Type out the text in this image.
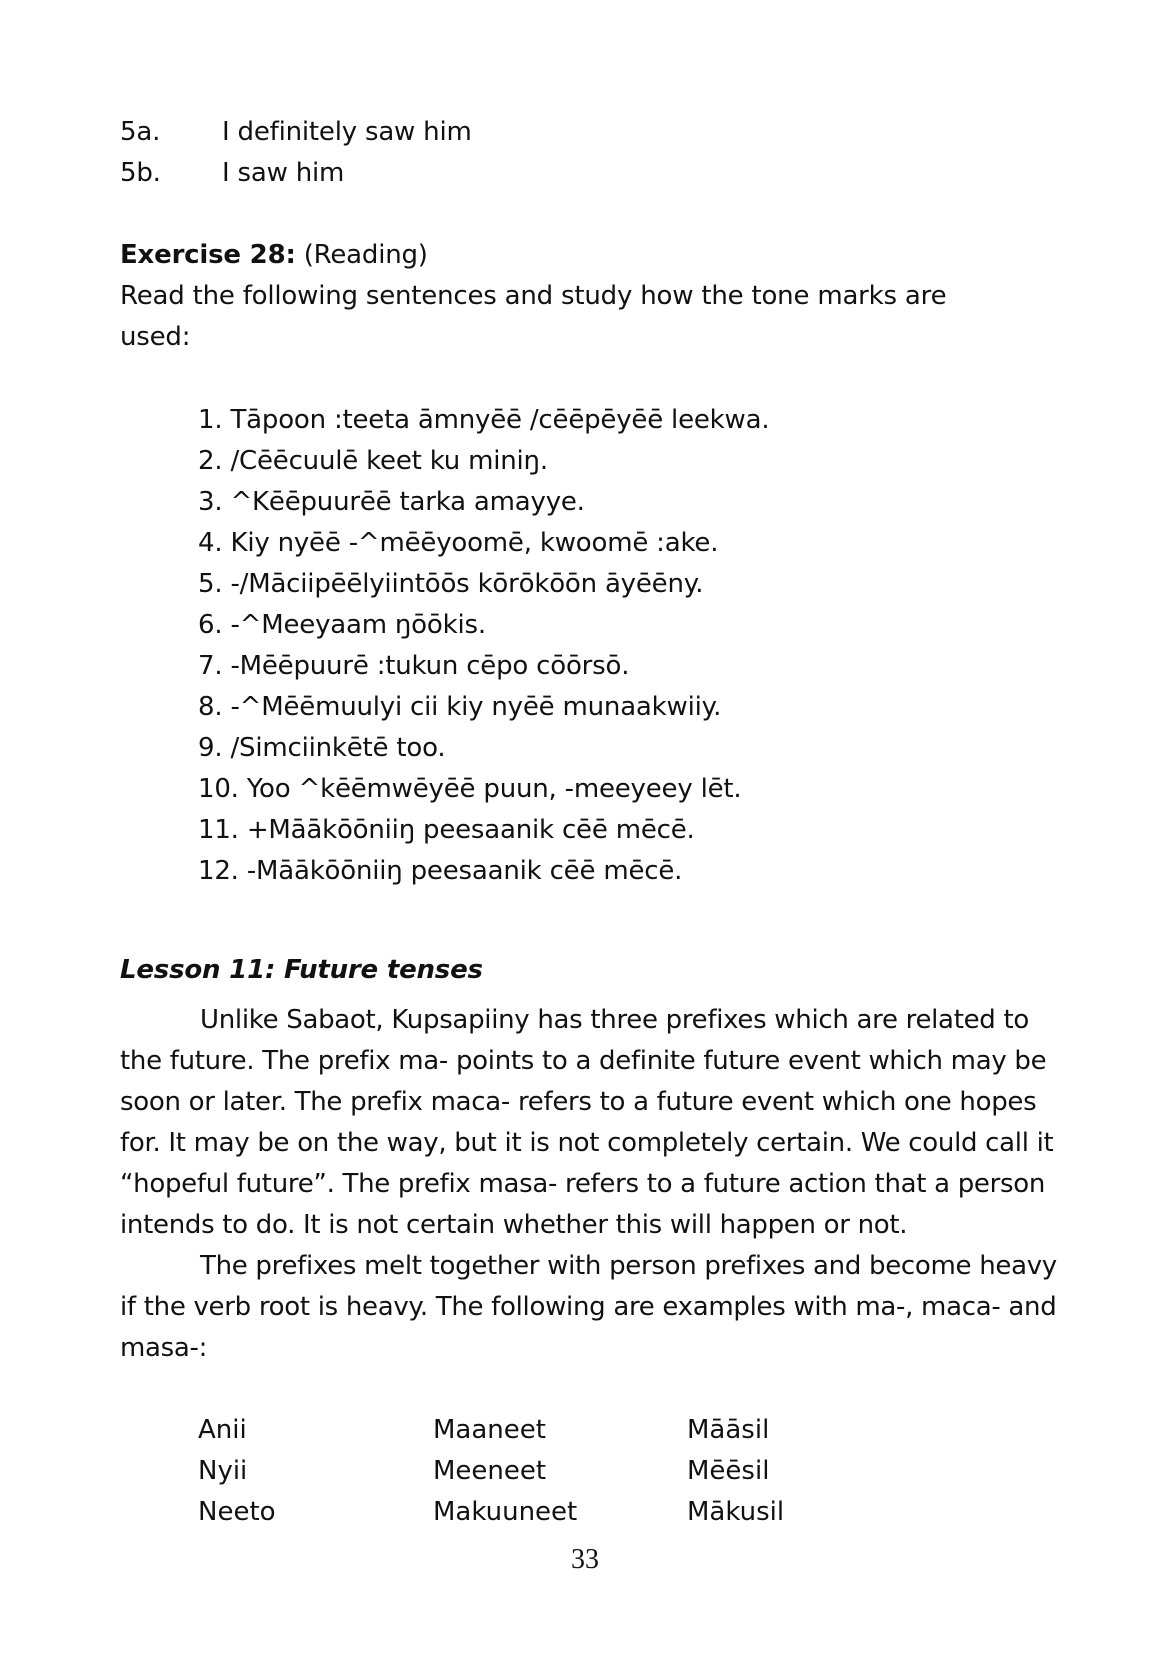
5a. I definitely saw him
5b. I saw him
Exercise 28: (Reading)
Read the following sentences and study how the tone marks are
used:
1. Tāpoon :teeta āmnyēē /cēēpēyēē leekwa.
2. /Cēēcuulē keet ku miniŋ.
3. ^Kēēpuurēē tarka amayye.
4. Kiy nyēē -^mēēyoomē, kwoomē :ake.
5. -/Māciipēēlyiintōōs kōrōkōōn āyēēny.
6. -^Meeyaam ŋōōkis.
7. -Mēēpuurē :tukun cēpo cōōrsō.
8. -^Mēēmuulyi cii kiy nyēē munaakwiiy.
9. /Simciinkētē too.
10. Yoo ^kēēmwēyēē puun, -meeyeey lēt.
11. +Māākōōniiŋ peesaanik cēē mēcē.
12. -Māākōōniiŋ peesaanik cēē mēcē.
Lesson 11: Future tenses

Unlike Sabaot, Kupsapiiny has three prefixes which are related to the future. The prefix ma- points to a definite future event which may be soon or later. The prefix maca- refers to a future event which one hopes for. It may be on the way, but it is not completely certain. We could call it “hopeful future”. The prefix masa- refers to a future action that a person intends to do. It is not certain whether this will happen or not.

The prefixes melt together with person prefixes and become heavy if the verb root is heavy. The following are examples with ma-, maca- and masa-:

Anii	Maaneet	Māāsil
Nyii	Meeneet	Mēēsil
Neeto	Makuuneet	Mākusil
33
